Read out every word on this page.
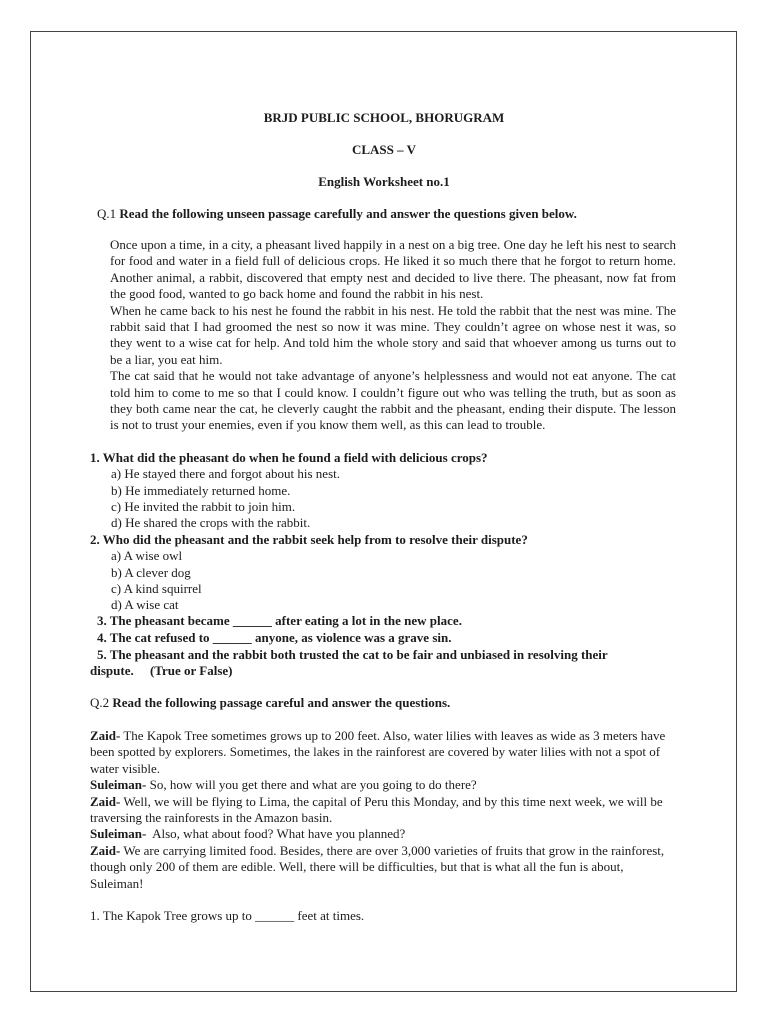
BRJD PUBLIC SCHOOL, BHORUGRAM
CLASS – V
English Worksheet no.1
Q.1 Read the following unseen passage carefully and answer the questions given below.

Once upon a time, in a city, a pheasant lived happily in a nest on a big tree. One day he left his nest to search for food and water in a field full of delicious crops. He liked it so much there that he forgot to return home. Another animal, a rabbit, discovered that empty nest and decided to live there. The pheasant, now fat from the good food, wanted to go back home and found the rabbit in his nest.

When he came back to his nest he found the rabbit in his nest. He told the rabbit that the nest was mine. The rabbit said that I had groomed the nest so now it was mine. They couldn’t agree on whose nest it was, so they went to a wise cat for help. And told him the whole story and said that whoever among us turns out to be a liar, you eat him.

The cat said that he would not take advantage of anyone’s helplessness and would not eat anyone. The cat told him to come to me so that I could know. I couldn’t figure out who was telling the truth, but as soon as they both came near the cat, he cleverly caught the rabbit and the pheasant, ending their dispute. The lesson is not to trust your enemies, even if you know them well, as this can lead to trouble.

1. What did the pheasant do when he found a field with delicious crops?
a) He stayed there and forgot about his nest.
b) He immediately returned home.
c) He invited the rabbit to join him.
d) He shared the crops with the rabbit.
2. Who did the pheasant and the rabbit seek help from to resolve their dispute?
a) A wise owl
b) A clever dog
c) A kind squirrel
d) A wise cat
3. The pheasant became ______ after eating a lot in the new place.
4. The cat refused to ______ anyone, as violence was a grave sin.
5. The pheasant and the rabbit both trusted the cat to be fair and unbiased in resolving their
dispute.     (True or False)
Q.2 Read the following passage careful and answer the questions.

Zaid- The Kapok Tree sometimes grows up to 200 feet. Also, water lilies with leaves as wide as 3 meters have been spotted by explorers. Sometimes, the lakes in the rainforest are covered by water lilies with not a spot of water visible.

Suleiman- So, how will you get there and what are you going to do there?

Zaid- Well, we will be flying to Lima, the capital of Peru this Monday, and by this time next week, we will be traversing the rainforests in the Amazon basin.

Suleiman-  Also, what about food? What have you planned?

Zaid- We are carrying limited food. Besides, there are over 3,000 varieties of fruits that grow in the rainforest, though only 200 of them are edible. Well, there will be difficulties, but that is what all the fun is about, Suleiman!

1. The Kapok Tree grows up to ______ feet at times.
